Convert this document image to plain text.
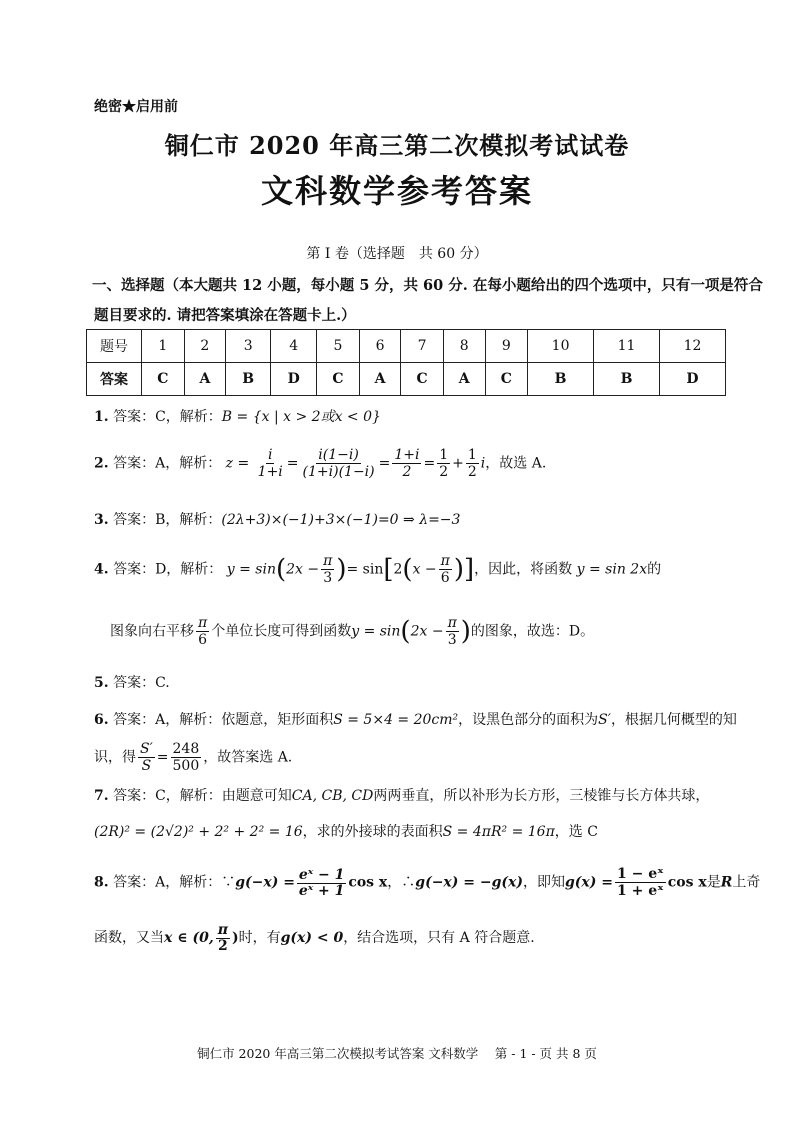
绝密★启用前
铜仁市 2020 年高三第二次模拟考试试卷
文科数学参考答案
第 I 卷（选择题　共 60 分）
一、选择题（本大题共 12 小题，每小题 5 分，共 60 分. 在每小题给出的四个选项中，只有一项是符合
题目要求的. 请把答案填涂在答题卡上.）
题号	1	2	3	4	5	6	7	8	9	10	11	12
答案	C	A	B	D	C	A	C	A	C	B	B	D
1. 答案：C，解析：B = {x | x > 2或x < 0}
2. 答案：A，解析： $z = \frac{i}{1+i} = \frac{i(1-i)}{(1+i)(1-i)} = \frac{1+i}{2} = \frac{1}{2} + \frac{1}{2}$ i，故选 A.
3. 答案：B，解析：(2λ+3)×(−1)+3×(−1)=0 ⇒ λ=−3
4. 答案：D，解析： $y = \sin(2x - \frac{\pi}{3}$ )= $\sin[2(x - \frac{\pi}{6}$ )]，因此，将函数 y = sin 2x的
图象向右平移 $\frac{\pi}{6}$ 个单位长度可得到函数$y = \sin(2x - \frac{\pi}{3}$ )的图象，故选：D。
5. 答案：C.
6. 答案：A，解析：依题意，矩形面积S = 5×4 = 20cm²，设黑色部分的面积为S′，根据几何概型的知
识，得 $\frac{S'}{S} = \frac{248}{500}$ ，故答案选 A.
7. 答案：C，解析：由题意可知CA, CB, CD两两垂直，所以补形为长方形，三棱锥与长方体共球，
(2R)² = (2√2)² + 2² + 2² = 16，求的外接球的表面积S = 4πR² = 16π，选 C
8. 答案：A，解析：∵g(−x) = eˣ − 1
eˣ + 1 cos x，∴g(−x) = −g(x)，即知$g(x) = \frac{\text{1 − eˣ}}{\text{1 + eˣ}}$ cos x是R上奇
函数，又当x ∈ (0, π
2 )时，有g(x) < 0，结合选项，只有 A 符合题意.
铜仁市 2020 年高三第二次模拟考试答案 文科数学　 第 - 1 - 页 共 8 页
